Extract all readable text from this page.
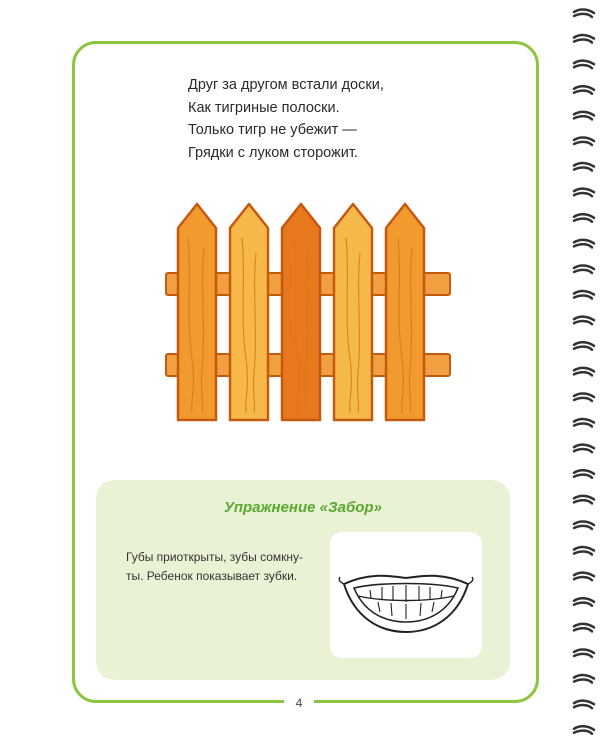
Друг за другом встали доски,
Как тигриные полоски.
Только тигр не убежит —
Грядки с луком сторожит.
Упражнение «Забор»
Губы приоткрыты, зубы сомкну-
ты. Ребенок показывает зубки.
4
